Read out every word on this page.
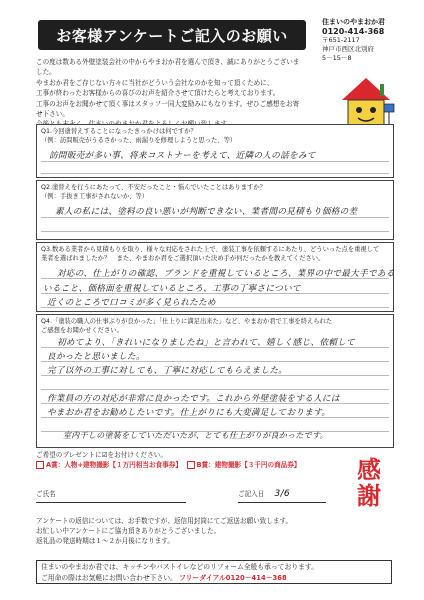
お客様アンケートご記入のお願い
住まいのやまおか君
0120-414-368
〒651-2117
神戸市西区北別府
5－15－8
この度は数ある外壁塗装会社の中からやまおか君を選んで頂き、誠にありがとうございました。
やまおか君をご存じない方々に当社がどういう会社なのかを知って頂くために、
工事が終わったお客様からの喜びのお声を紹介させて頂けたらと考えております。
工事のお声をお聞かせて頂く事はスタッフ一同大変励みにもなります。ぜひご感想をお寄せ下さい。
Q1.今回塗替えすることになったきっかけは何ですか？
（例：訪問販売がうるさかった、雨漏りを修理しようと思った、等）
訪問販売が多い事、将来コストナーを考えて、近隣の人の話をみて
Q2.塗替えを行うにあたって、不安だったこと・悩んでいたことはありますか？
（例：手抜き工事がされないか、等）
素人の私には、塗料の良い悪いが判断できない、業者間の見積もり価格の差
Q3.数ある業者から見積もりを取り、様々な対応をされた上で、塗装工事を依頼するにあたり、どういった点を重視して
業者を選ばれましたか？　また、やまおか君をご選択頂いた決め手が何だったかを教えてください。
対応の、仕上がりの確認、ブランドを重視しているところ、業界の中で最大手である
いること、価格面を重視しているところ、工事の丁寧さについて
近くのところで口コミが多く見られたため
Q4.「塗装の職人の仕事ぶりが良かった」「仕上りに満足出来た」など、やまおか君で工事を終えられた
ご感想をお聞かせください。
初めてより、「きれいになりましたね」と言われて、嬉しく感じ、依頼して
良かったと思いました。
完了以外の工事に対しても、丁寧に対応してもらえました。
作業員の方の対応が非常に良かったです。これから外壁塗装をする人には
やまおか君をお勧めしたいです。仕上がりにも大変満足しております。
室内干しの塗装をしていただいたが、とても仕上がりが良かったです。
ご希望のプレゼントに☑をお付けください。
A賞：人物+建物撮影【１万円相当お食事券】 B賞：建物撮影【３千円の商品券】
ご氏名	ご記入日 3/6
アンケートの返信については、お手数ですが、返信用封筒にてご返送お願い致します。
お忙しい中アンケートにご協力頂きありがとうございました。
返礼品の発送時期は１～２か月後になります。
感謝
住まいのやまおか君では、キッチンやバストイレなどのリフォーム全般も承っております。
ご用命の際はお気軽にお問い合わせ下さい。 フリーダイアル0120－414－368
